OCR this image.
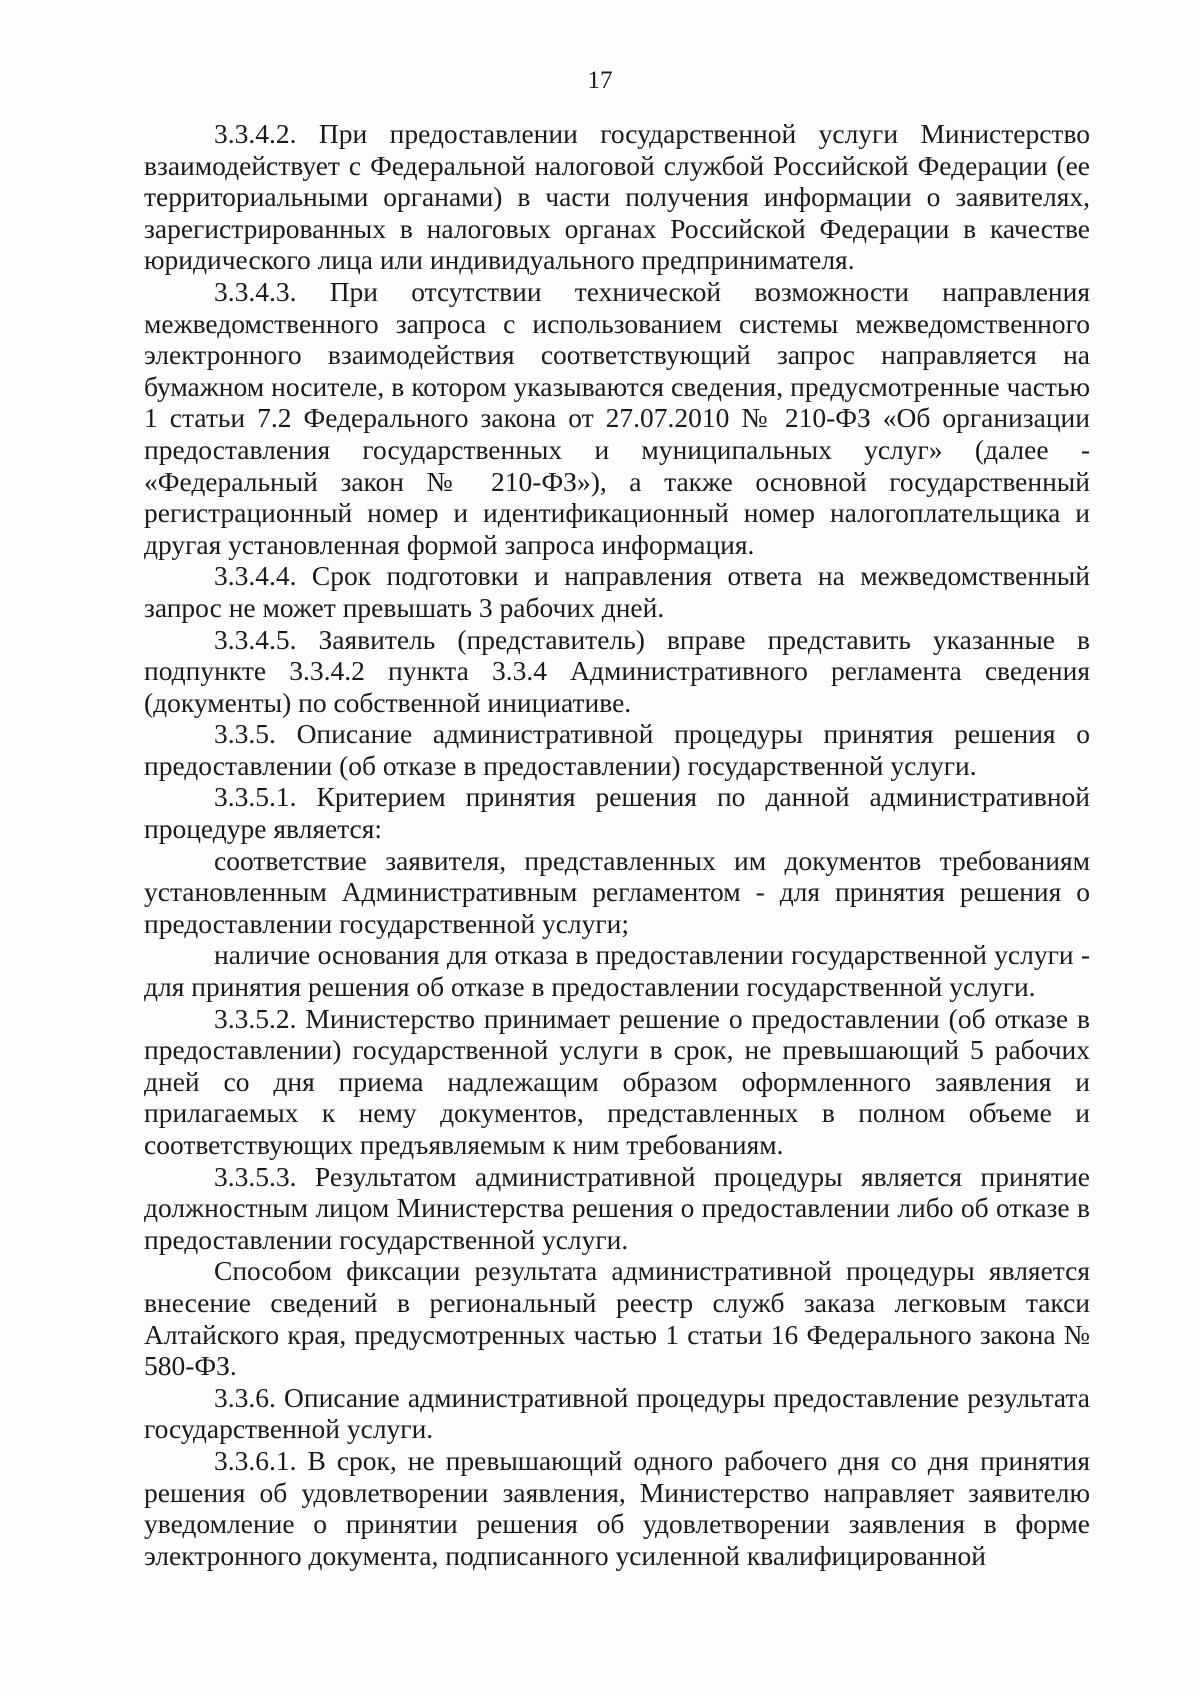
17

3.3.4.2. При предоставлении государственной услуги Министерство взаимодействует с Федеральной налоговой службой Российской Федерации (ее территориальными органами) в части получения информации о заявителях, зарегистрированных в налоговых органах Российской Федерации в качестве юридического лица или индивидуального предпринимателя.

3.3.4.3. При отсутствии технической возможности направления межведомственного запроса с использованием системы межведомственного электронного взаимодействия соответствующий запрос направляется на бумажном носителе, в котором указываются сведения, предусмотренные частью 1 статьи 7.2 Федерального закона от 27.07.2010 № 210-ФЗ «Об организации предоставления государственных и муниципальных услуг» (далее - «Федеральный закон № 210-ФЗ»), а также основной государственный регистрационный номер и идентификационный номер налогоплательщика и другая установленная формой запроса информация.

3.3.4.4. Срок подготовки и направления ответа на межведомственный запрос не может превышать 3 рабочих дней.

3.3.4.5. Заявитель (представитель) вправе представить указанные в подпункте 3.3.4.2 пункта 3.3.4 Административного регламента сведения (документы) по собственной инициативе.

3.3.5. Описание административной процедуры принятия решения о предоставлении (об отказе в предоставлении) государственной услуги.

3.3.5.1. Критерием принятия решения по данной административной процедуре является:

соответствие заявителя, представленных им документов требованиям установленным Административным регламентом - для принятия решения о предоставлении государственной услуги;

наличие основания для отказа в предоставлении государственной услуги - для принятия решения об отказе в предоставлении государственной услуги.

3.3.5.2. Министерство принимает решение о предоставлении (об отказе в предоставлении) государственной услуги в срок, не превышающий 5 рабочих дней со дня приема надлежащим образом оформленного заявления и прилагаемых к нему документов, представленных в полном объеме и соответствующих предъявляемым к ним требованиям.

3.3.5.3. Результатом административной процедуры является принятие должностным лицом Министерства решения о предоставлении либо об отказе в предоставлении государственной услуги.

Способом фиксации результата административной процедуры является внесение сведений в региональный реестр служб заказа легковым такси Алтайского края, предусмотренных частью 1 статьи 16 Федерального закона № 580-ФЗ.

3.3.6. Описание административной процедуры предоставление результата государственной услуги.

3.3.6.1. В срок, не превышающий одного рабочего дня со дня принятия решения об удовлетворении заявления, Министерство направляет заявителю уведомление о принятии решения об удовлетворении заявления в форме электронного документа, подписанного усиленной квалифицированной
